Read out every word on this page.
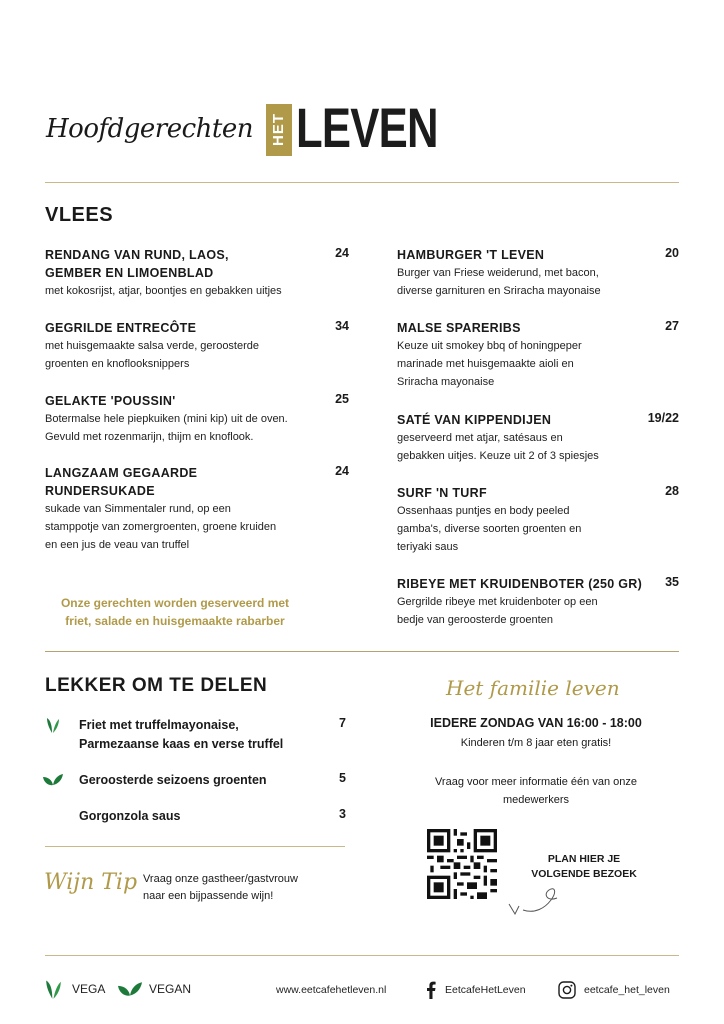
Hoofdgerechten HET LEVEN
VLEES
RENDANG VAN RUND, LAOS,
GEMBER EN LIMOENBLAD
met kokosrijst, atjar, boontjes en gebakken uitjes
24
GEGRILDE ENTRECÔTE
met huisgemaakte salsa verde, geroosterde
groenten en knoflooksnippers
34
GELAKTE 'POUSSIN'
Botermalse hele piepkuiken (mini kip) uit de oven.
Gevuld met rozenmarijn, thijm en knoflook.
25
LANGZAAM GEGAARDE
RUNDERSUKADE
sukade van Simmentaler rund, op een
stamppotje van zomergroenten, groene kruiden
en een jus de veau van truffel
24
Onze gerechten worden geserveerd met
friet, salade en huisgemaakte rabarber
HAMBURGER 'T LEVEN
Burger van Friese weiderund, met bacon,
diverse garnituren en Sriracha mayonaise
20
MALSE SPARERIBS
Keuze uit smokey bbq of honingpeper
marinade met huisgemaakte aioli en
Sriracha mayonaise
27
SATÉ VAN KIPPENDIJEN
geserveerd met atjar, satésaus en
gebakken uitjes. Keuze uit 2 of 3 spiesjes
19/22
SURF 'N TURF
Ossenhaas puntjes en body peeled
gamba's, diverse soorten groenten en
teriyaki saus
28
RIBEYE MET KRUIDENBOTER (250 GR)
Gergrilde ribeye met kruidenboter op een
bedje van geroosterde groenten
35
LEKKER OM TE DELEN
Friet met truffelmayonaise,
Parmezaanse kaas en verse truffel
7
Geroosterde seizoens groenten	5
Gorgonzola saus	3
Wijn Tip Vraag onze gastheer/gastvrouw
naar een bijpassende wijn!
Het familie leven
IEDERE ZONDAG VAN 16:00 - 18:00
Kinderen t/m 8 jaar eten gratis!
Vraag voor meer informatie één van onze
medewerkers
PLAN HIER JE
VOLGENDE BEZOEK
VEGA	VEGAN	www.eetcafehetleven.nl	EetcafeHetLeven	eetcafe_het_leven
